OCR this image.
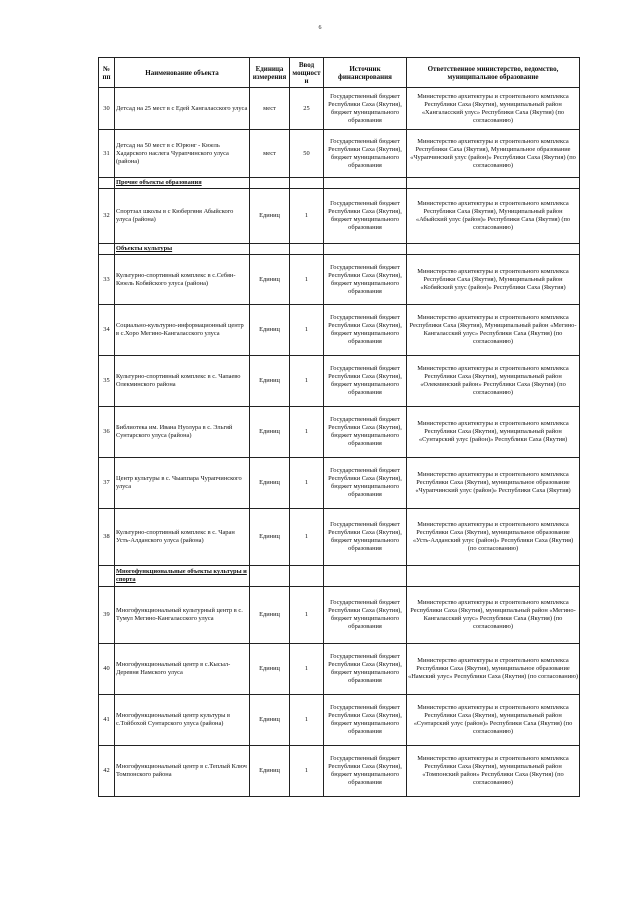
6
№ пп	Наименование объекта	Единица измерения	Ввод мощност и	Источник финансирования	Ответственное министерство, ведомство, муниципальное образование
30	Детсад на 25 мест в с Едей Хангаласского улуса	мест	25	Государственный бюджет Республики Саха (Якутия), бюджет муниципального образования	Министерство архитектуры и строительного комплекса Республики Саха (Якутия), муниципальный район «Хангаласский улус» Республики Саха (Якутия) (по согласованию)
31	Детсад на 50 мест в с Юрюнг - Кюель Хадарского наслега Чурапчинского улуса (района)	мест	50	Государственный бюджет Республики Саха (Якутия), бюджет муниципального образования	Министерство архитектуры и строительного комплекса Республики Саха (Якутия), Муниципальное образование «Чурапчинский улус (район)» Республики Саха (Якутия) (по согласованию)
	Прочие объекты образования				
32	Спортзал школы в с Кюбергяня Абыйского улуса (района)	Единиц	1	Государственный бюджет Республики Саха (Якутия), бюджет муниципального образования	Министерство архитектуры и строительного комплекса Республики Саха (Якутия), Муниципальный район «Абыйский улус (район)» Республики Саха (Якутия) (по согласованию)
	Объекты культуры				
33	Культурно-спортивный комплекс в с.Себян-Кюель Кобяйского улуса (района)	Единиц	1	Государственный бюджет Республики Саха (Якутия), бюджет муниципального образования	Министерство архитектуры и строительного комплекса Республики Саха (Якутия), Муниципальный район «Кобяйский улус (район)» Республики Саха (Якутия)
34	Социально-культурно-информационный центр в с.Хоро Мегино-Кангаласского улуса	Единиц	1	Государственный бюджет Республики Саха (Якутия), бюджет муниципального образования	Министерство архитектуры и строительного комплекса Республики Саха (Якутия), Муниципальный район «Мегино-Кангаласский улус» Республики Саха (Якутия) (по согласованию)
35	Культурно-спортивный комплекс в с. Чапаево Олекминского района	Единиц	1	Государственный бюджет Республики Саха (Якутия), бюджет муниципального образования	Министерство архитектуры и строительного комплекса Республики Саха (Якутия), муниципальный район «Олекминский район» Республики Саха (Якутия) (по согласованию)
36	Библиотека им. Ивана Нуолура в с. Эльгяй Сунтарского улуса (района)	Единиц	1	Государственный бюджет Республики Саха (Якутия), бюджет муниципального образования	Министерство архитектуры и строительного комплекса Республики Саха (Якутия), муниципальный район «Сунтарский улус (район)» Республики Саха (Якутия)
37	Центр культуры в с. Чыаппара Чурапчинского улуса	Единиц	1	Государственный бюджет Республики Саха (Якутия), бюджет муниципального образования	Министерство архитектуры и строительного комплекса Республики Саха (Якутия), муниципальное образование «Чурапчинский улус (район)» Республики Саха (Якутия)
38	Культурно-спортивный комплекс в с. Чаран Усть-Алданского улуса (района)	Единиц	1	Государственный бюджет Республики Саха (Якутия), бюджет муниципального образования	Министерство архитектуры и строительного комплекса Республики Саха (Якутия), муниципальное образование «Усть-Алданский улус (район)» Республики Саха (Якутия) (по согласованию)
	Многофункциональные объекты культуры и спорта				
39	Многофункциональный культурный центр в с. Тумул Мегино-Кангаласского улуса	Единиц	1	Государственный бюджет Республики Саха (Якутия), бюджет муниципального образования	Министерство архитектуры и строительного комплекса Республики Саха (Якутия), муниципальный район «Мегино-Кангаласский улус» Республики Саха (Якутия) (по согласованию)
40	Многофункциональный центр в с.Кысыл-Деревня Намского улуса	Единиц	1	Государственный бюджет Республики Саха (Якутия), бюджет муниципального образования	Министерство архитектуры и строительного комплекса Республики Саха (Якутия), муниципальное образование «Намский улус» Республики Саха (Якутия) (по согласованию)
41	Многофункциональный центр культуры в с.Тойбохой Сунтарского улуса (района)	Единиц	1	Государственный бюджет Республики Саха (Якутия), бюджет муниципального образования	Министерство архитектуры и строительного комплекса Республики Саха (Якутия), муниципальный район «Сунтарский улус (район)» Республики Саха (Якутия) (по согласованию)
42	Многофункциональный центр в с.Теплый Ключ Томпонского района	Единиц	1	Государственный бюджет Республики Саха (Якутия), бюджет муниципального образования	Министерство архитектуры и строительного комплекса Республики Саха (Якутия), муниципальный район «Томпонский район» Республики Саха (Якутия) (по согласованию)
